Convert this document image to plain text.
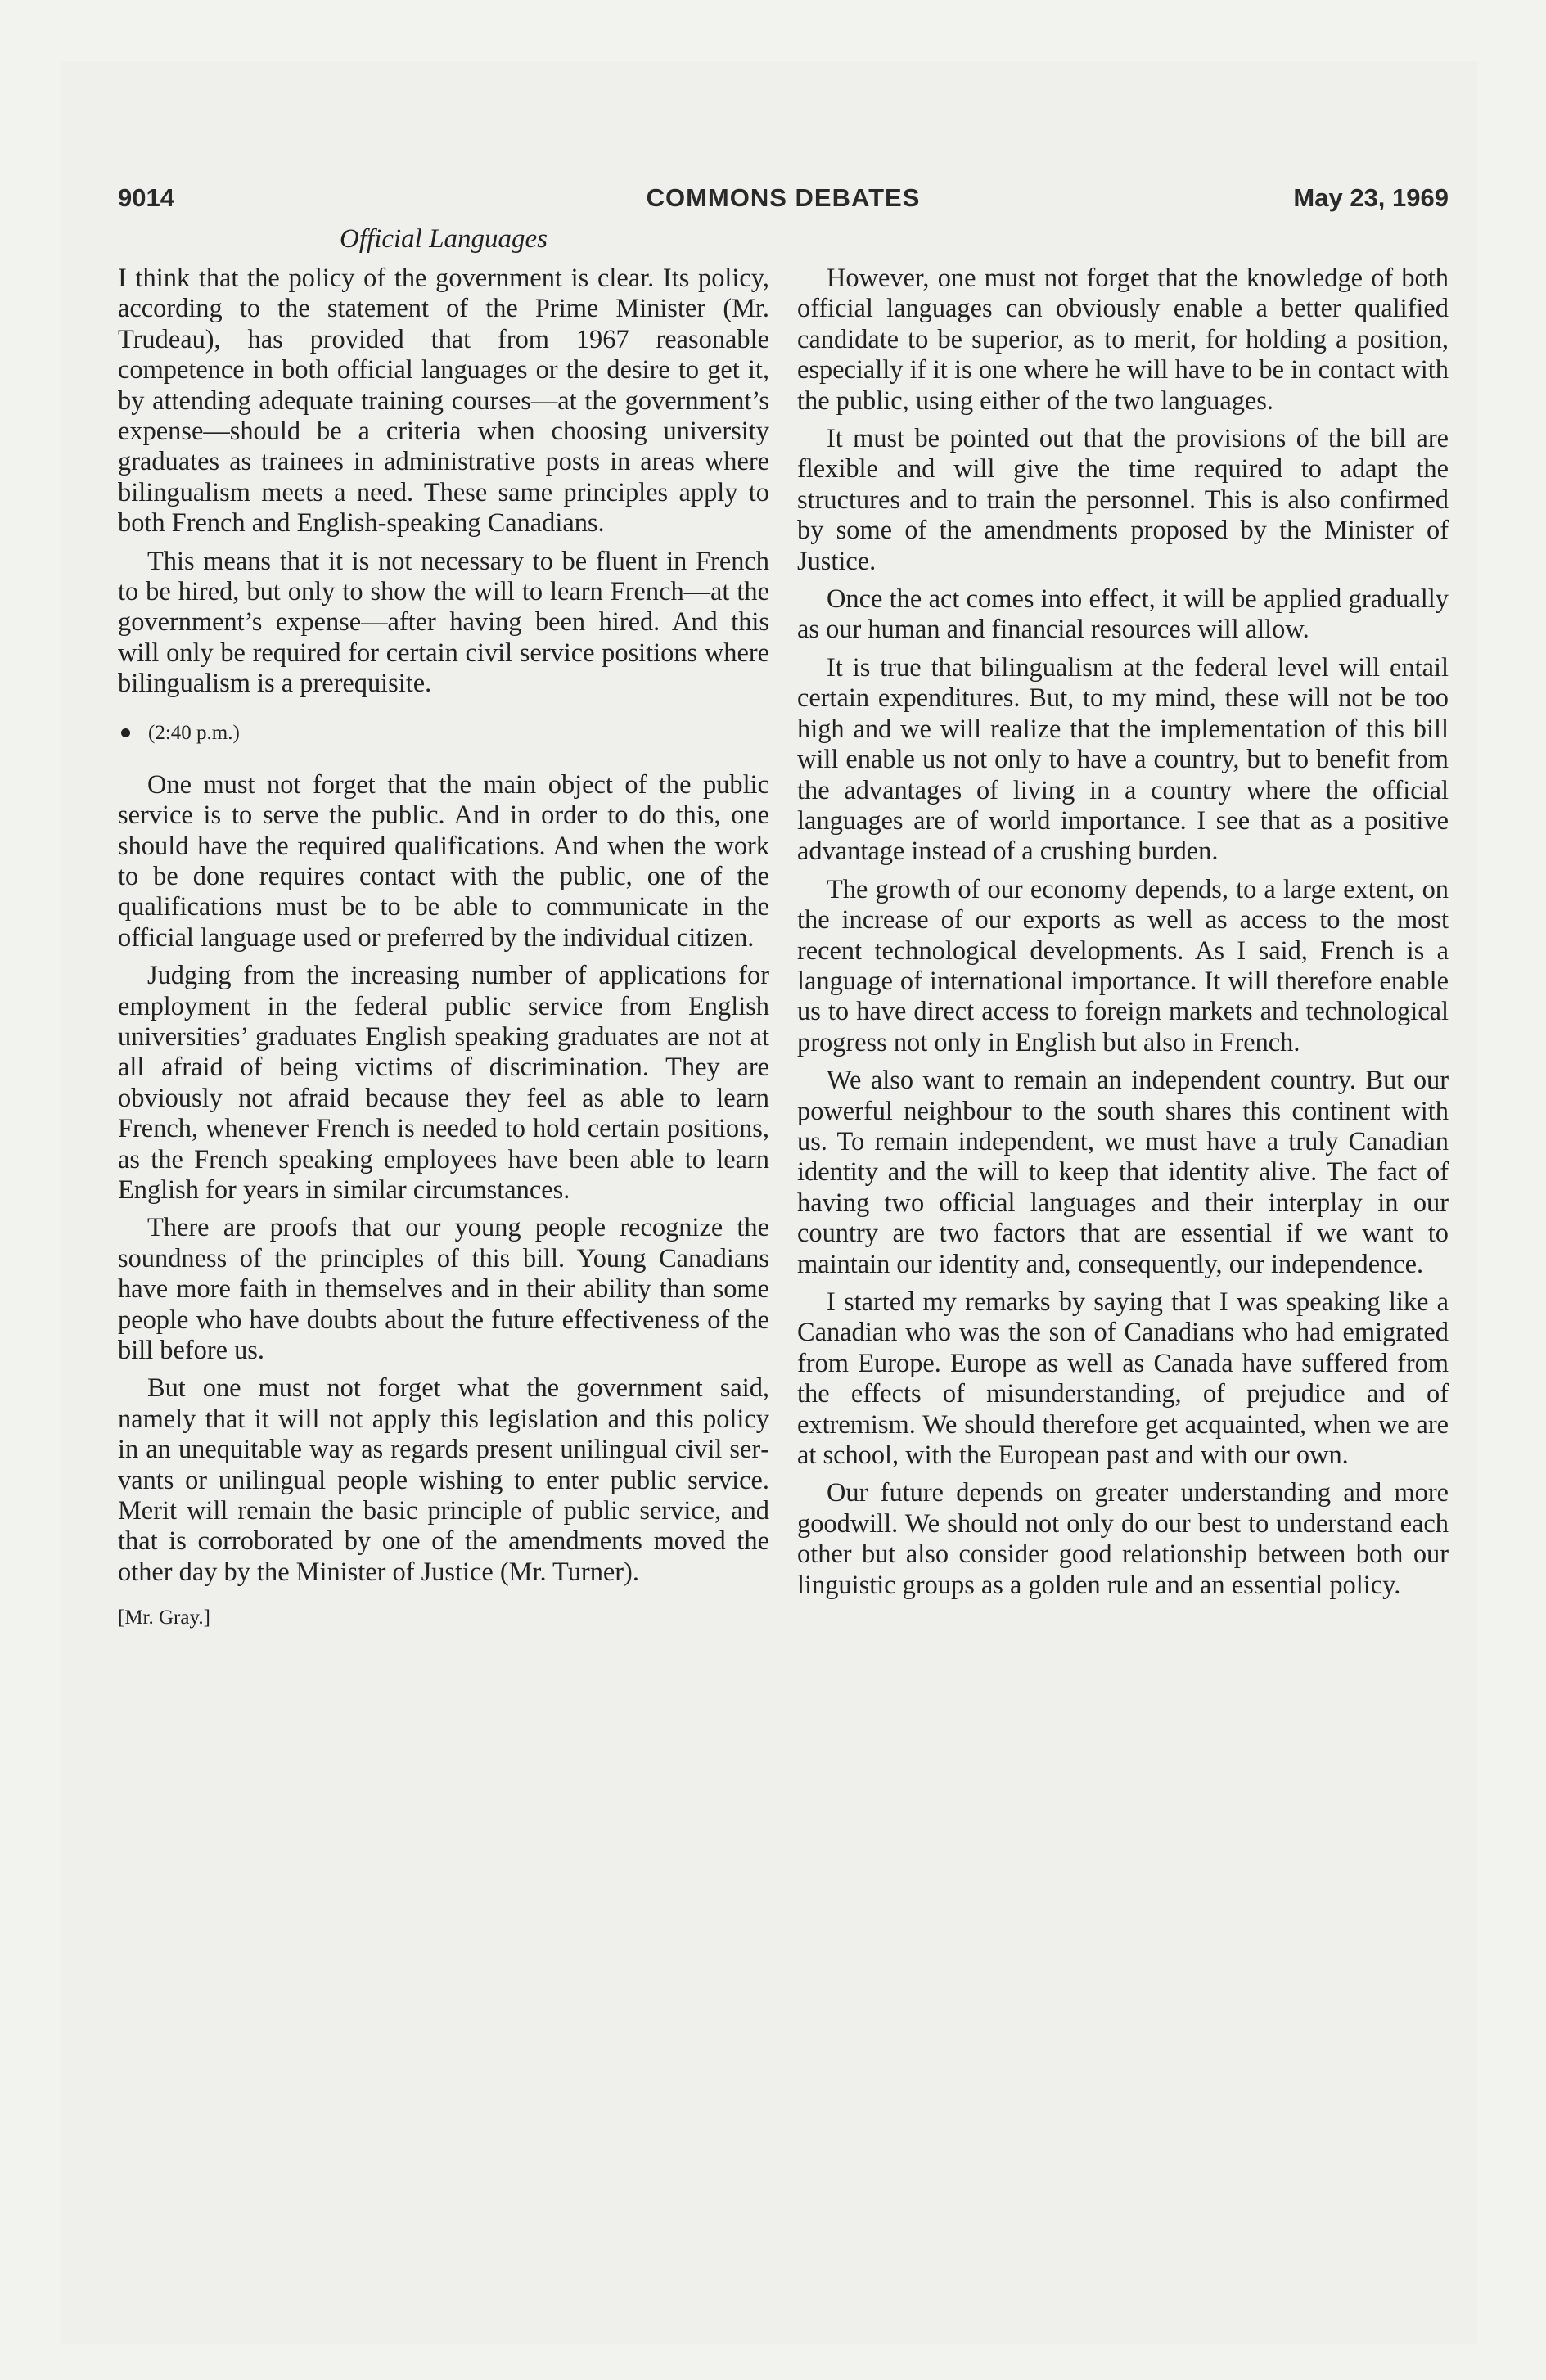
9014	COMMONS DEBATES	May 23, 1969
Official Languages

I think that the policy of the government is clear. Its policy, according to the statement of the Prime Minister (Mr. Trudeau), has provided that from 1967 reasonable competence in both official languages or the desire to get it, by attending adequate training courses—at the government’s expense—should be a criteria when choosing university graduates as trainees in administrative posts in areas where bilingualism meets a need. These same principles apply to both French and English-speaking Canadians.

This means that it is not necessary to be fluent in French to be hired, but only to show the will to learn French—at the government’s expense—after having been hired. And this will only be required for certain civil service positions where bilingualism is a prerequisite.

(2:40 p.m.)

One must not forget that the main object of the public service is to serve the public. And in order to do this, one should have the required qualifications. And when the work to be done requires contact with the public, one of the qualifications must be to be able to communicate in the official language used or preferred by the individual citizen.

Judging from the increasing number of applications for employment in the federal public service from English universities’ graduates English speaking graduates are not at all afraid of being victims of discrimination. They are obviously not afraid because they feel as able to learn French, whenever French is needed to hold certain positions, as the French speaking employees have been able to learn English for years in similar circumstances.

There are proofs that our young people recognize the soundness of the principles of this bill. Young Canadians have more faith in themselves and in their ability than some people who have doubts about the future effectiveness of the bill before us.

But one must not forget what the government said, namely that it will not apply this legislation and this policy in an unequitable way as regards present unilingual civil servants or unilingual people wishing to enter public service. Merit will remain the basic principle of public service, and that is corroborated by one of the amendments moved the other day by the Minister of Justice (Mr. Turner).

[Mr. Gray.]

However, one must not forget that the knowledge of both official languages can obviously enable a better qualified candidate to be superior, as to merit, for holding a position, especially if it is one where he will have to be in contact with the public, using either of the two languages.

It must be pointed out that the provisions of the bill are flexible and will give the time required to adapt the structures and to train the personnel. This is also confirmed by some of the amendments proposed by the Minister of Justice.

Once the act comes into effect, it will be applied gradually as our human and financial resources will allow.

It is true that bilingualism at the federal level will entail certain expenditures. But, to my mind, these will not be too high and we will realize that the implementation of this bill will enable us not only to have a country, but to benefit from the advantages of living in a country where the official languages are of world importance. I see that as a positive advantage instead of a crushing burden.

The growth of our economy depends, to a large extent, on the increase of our exports as well as access to the most recent technological developments. As I said, French is a language of international importance. It will therefore enable us to have direct access to foreign markets and technological progress not only in English but also in French.

We also want to remain an independent country. But our powerful neighbour to the south shares this continent with us. To remain independent, we must have a truly Canadian identity and the will to keep that identity alive. The fact of having two official languages and their interplay in our country are two factors that are essential if we want to maintain our identity and, consequently, our independence.

I started my remarks by saying that I was speaking like a Canadian who was the son of Canadians who had emigrated from Europe. Europe as well as Canada have suffered from the effects of misunderstanding, of prejudice and of extremism. We should therefore get acquainted, when we are at school, with the European past and with our own.

Our future depends on greater understanding and more goodwill. We should not only do our best to understand each other but also consider good relationship between both our linguistic groups as a golden rule and an essential policy.
